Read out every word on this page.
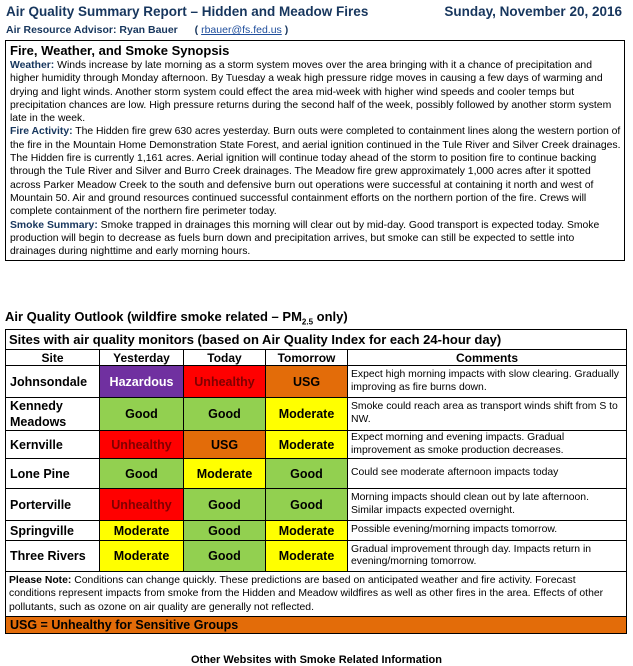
Air Quality Summary Report – Hidden and Meadow Fires	Sunday, November 20, 2016
Air Resource Advisor: Ryan Bauer ( rbauer@fs.fed.us )
Fire, Weather, and Smoke Synopsis
Weather: Winds increase by late morning as a storm system moves over the area bringing with it a chance of precipitation and higher humidity through Monday afternoon. By Tuesday a weak high pressure ridge moves in causing a few days of warming and drying and light winds. Another storm system could effect the area mid-week with higher wind speeds and cooler temps but precipitation chances are low. High pressure returns during the second half of the week, possibly followed by another storm system late in the week.
Fire Activity: The Hidden fire grew 630 acres yesterday. Burn outs were completed to containment lines along the western portion of the fire in the Mountain Home Demonstration State Forest, and aerial ignition continued in the Tule River and Silver Creek drainages. The Hidden fire is currently 1,161 acres. Aerial ignition will continue today ahead of the storm to position fire to continue backing through the Tule River and Silver and Burro Creek drainages. The Meadow fire grew approximately 1,000 acres after it spotted across Parker Meadow Creek to the south and defensive burn out operations were successful at containing it north and west of Mountain 50. Air and ground resources continued successful containment efforts on the northern portion of the fire. Crews will complete containment of the northern fire perimeter today.
Smoke Summary: Smoke trapped in drainages this morning will clear out by mid-day. Good transport is expected today. Smoke production will begin to decrease as fuels burn down and precipitation arrives, but smoke can still be expected to settle into drainages during nighttime and early morning hours.
Air Quality Outlook (wildfire smoke related – $PM_{2.5}$ only)
Sites with air quality monitors (based on Air Quality Index for each 24-hour day)				
Site	Yesterday	Today	Tomorrow	Comments
Johnsondale	Hazardous	Unhealthy	USG	Expect high morning impacts with slow clearing. Gradually improving as fire burns down.
Kennedy Meadows	Good	Good	Moderate	Smoke could reach area as transport winds shift from S to NW.
Kernville	Unhealthy	USG	Moderate	Expect morning and evening impacts. Gradual improvement as smoke production decreases.
Lone Pine	Good	Moderate	Good	Could see moderate afternoon impacts today
Porterville	Unhealthy	Good	Good	Morning impacts should clean out by late afternoon. Similar impacts expected overnight.
Springville	Moderate	Good	Moderate	Possible evening/morning impacts tomorrow.
Three Rivers	Moderate	Good	Moderate	Gradual improvement through day. Impacts return in evening/morning tomorrow.
Please Note: Conditions can change quickly. These predictions are based on anticipated weather and fire activity. Forecast conditions represent impacts from smoke from the Hidden and Meadow wildfires as well as other fires in the area. Effects of other pollutants, such as ozone on air quality are generally not reflected.				
USG = Unhealthy for Sensitive Groups				
Other Websites with Smoke Related Information
